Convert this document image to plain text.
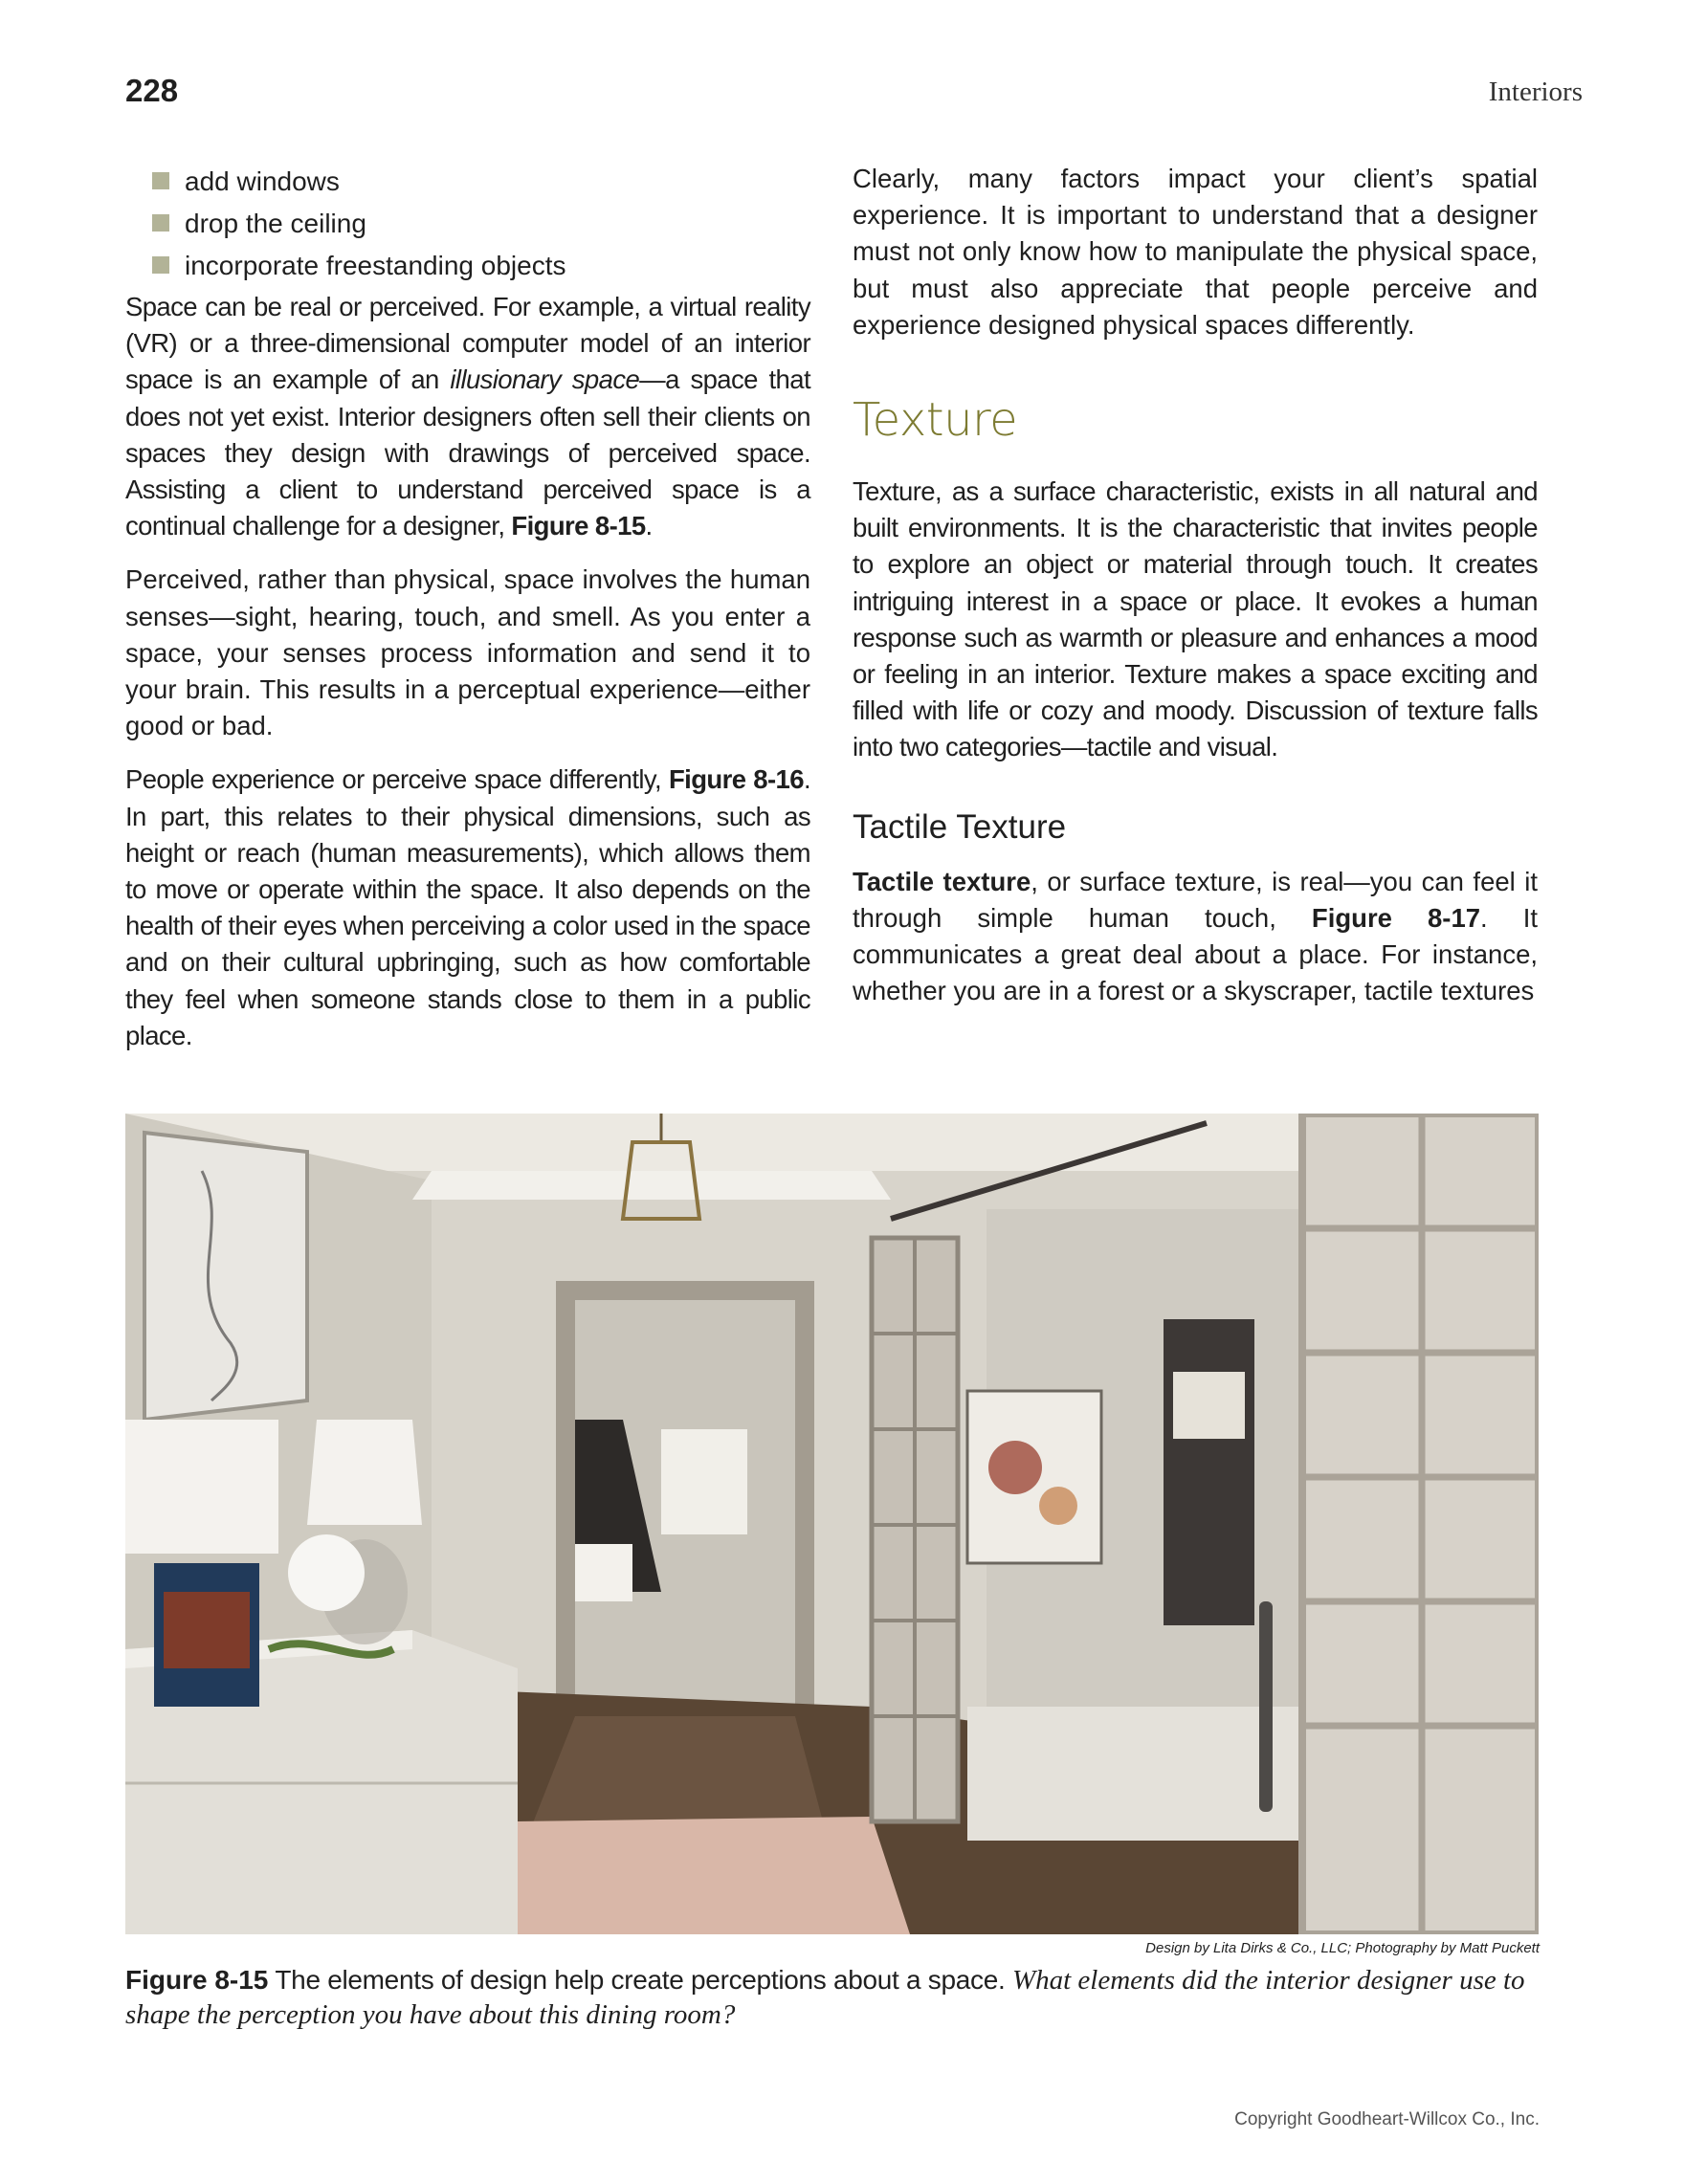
228	Interiors
add windows
drop the ceiling
incorporate freestanding objects

Space can be real or perceived. For example, a virtual reality (VR) or a three-dimensional computer model of an interior space is an example of an illusionary space—a space that does not yet exist. Interior designers often sell their clients on spaces they design with drawings of perceived space. Assisting a client to understand perceived space is a continual challenge for a designer, Figure 8-15.

Perceived, rather than physical, space involves the human senses—sight, hearing, touch, and smell. As you enter a space, your senses process information and send it to your brain. This results in a perceptual experience—either good or bad.

People experience or perceive space differently, Figure 8-16. In part, this relates to their physical dimensions, such as height or reach (human measurements), which allows them to move or operate within the space. It also depends on the health of their eyes when perceiving a color used in the space and on their cultural upbringing, such as how comfortable they feel when someone stands close to them in a public place.

Clearly, many factors impact your client’s spatial experience. It is important to understand that a designer must not only know how to manipulate the physical space, but must also appreciate that people perceive and experience designed physical spaces differently.

Texture

Texture, as a surface characteristic, exists in all natural and built environments. It is the characteristic that invites people to explore an object or material through touch. It creates intriguing interest in a space or place. It evokes a human response such as warmth or pleasure and enhances a mood or feeling in an interior. Texture makes a space exciting and filled with life or cozy and moody. Discussion of texture falls into two categories—tactile and visual.

Tactile Texture

Tactile texture, or surface texture, is real—you can feel it through simple human touch, Figure 8-17. It communicates a great deal about a place. For instance, whether you are in a forest or a skyscraper, tactile textures

Design by Lita Dirks & Co., LLC; Photography by Matt Puckett
Figure 8-15 The elements of design help create perceptions about a space. What elements did the interior designer use to shape the perception you have about this dining room?
Copyright Goodheart-Willcox Co., Inc.
